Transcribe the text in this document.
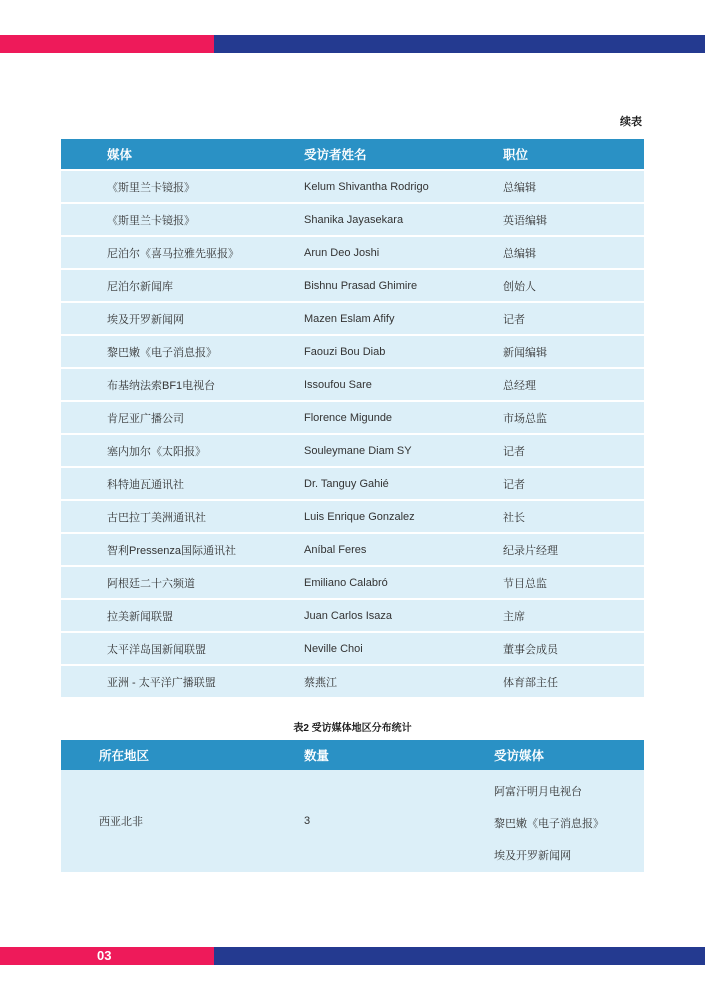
续表
媒体	受访者姓名	职位
《斯里兰卡镜报》	Kelum Shivantha Rodrigo	总编辑
《斯里兰卡镜报》	Shanika Jayasekara	英语编辑
尼泊尔《喜马拉雅先驱报》	Arun Deo Joshi	总编辑
尼泊尔新闻库	Bishnu Prasad Ghimire	创始人
埃及开罗新闻网	Mazen Eslam Afify	记者
黎巴嫩《电子消息报》	Faouzi Bou Diab	新闻编辑
布基纳法索BF1电视台	Issoufou Sare	总经理
肯尼亚广播公司	Florence Migunde	市场总监
塞内加尔《太阳报》	Souleymane Diam SY	记者
科特迪瓦通讯社	Dr. Tanguy Gahié	记者
古巴拉丁美洲通讯社	Luis Enrique Gonzalez	社长
智利Pressenza国际通讯社	Aníbal Feres	纪录片经理
阿根廷二十六频道	Emiliano Calabró	节目总监
拉美新闻联盟	Juan Carlos Isaza	主席
太平洋岛国新闻联盟	Neville Choi	董事会成员
亚洲 - 太平洋广播联盟	蔡燕江	体育部主任
表2 受访媒体地区分布统计
所在地区	数量	受访媒体
西亚北非	3	阿富汗明月电视台
黎巴嫩《电子消息报》
埃及开罗新闻网
03
